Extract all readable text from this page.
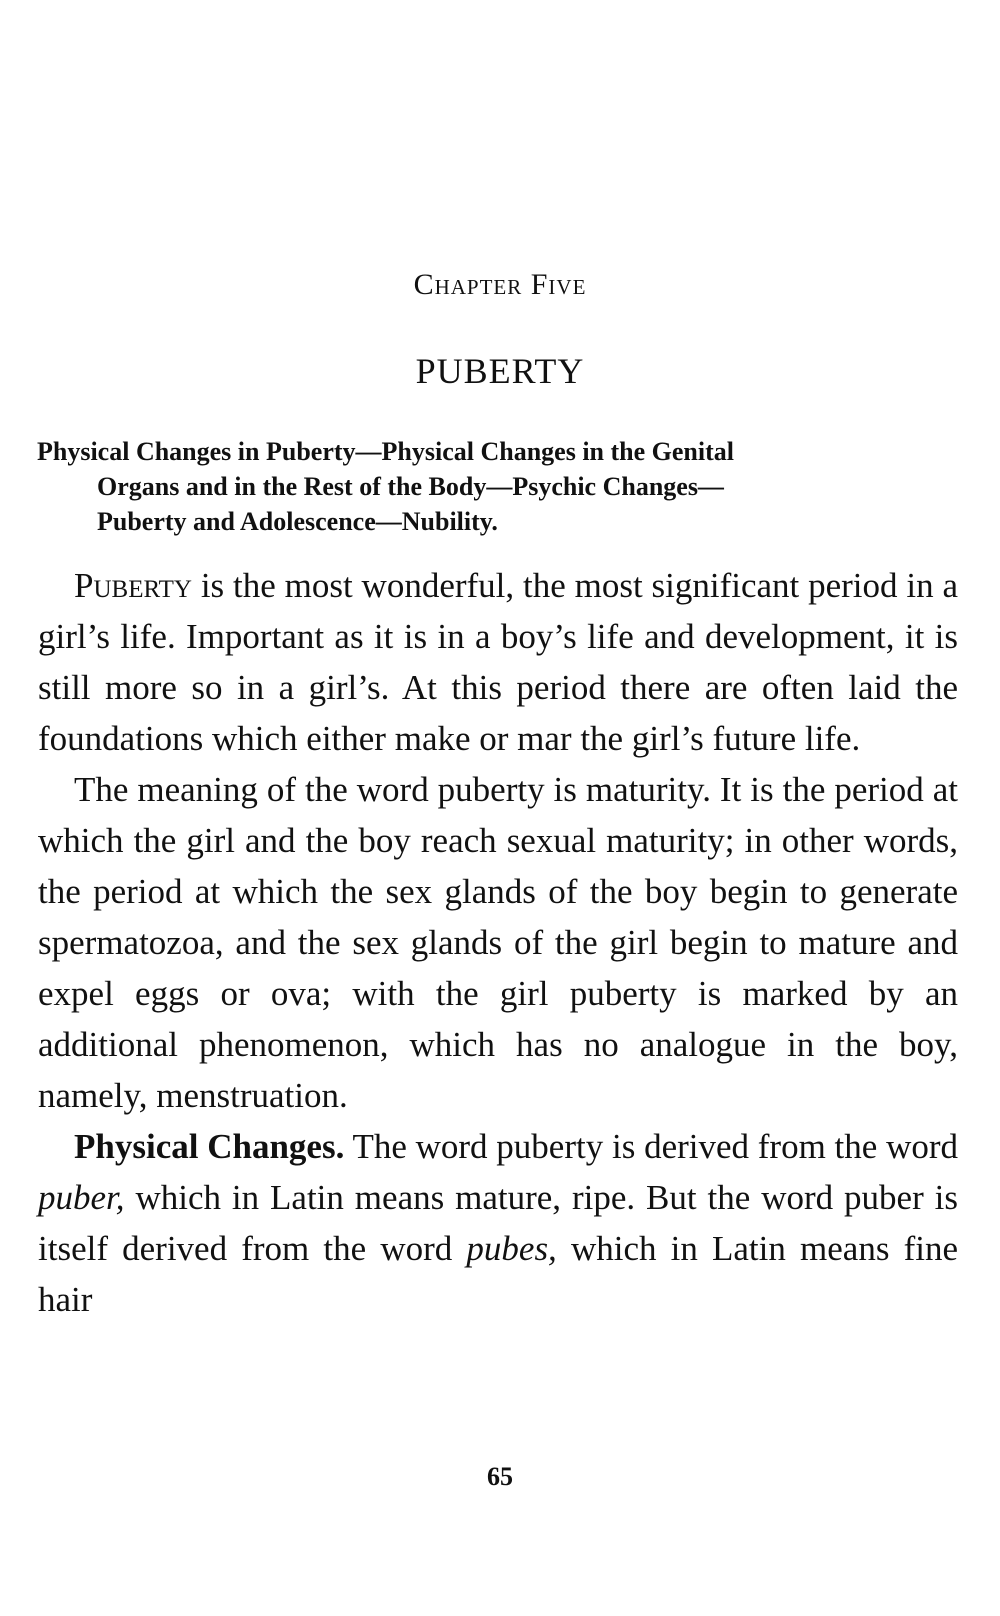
Chapter Five
PUBERTY
Physical Changes in Puberty—Physical Changes in the Genital
Organs and in the Rest of the Body—Psychic Changes—
Puberty and Adolescence—Nubility.

Puberty is the most wonderful, the most significant period in a girl’s life. Important as it is in a boy’s life and development, it is still more so in a girl’s. At this period there are often laid the foundations which either make or mar the girl’s future life.

The meaning of the word puberty is maturity. It is the period at which the girl and the boy reach sexual maturity; in other words, the period at which the sex glands of the boy begin to generate spermatozoa, and the sex glands of the girl begin to mature and expel eggs or ova; with the girl puberty is marked by an additional phenomenon, which has no analogue in the boy, namely, menstruation.

Physical Changes. The word puberty is derived from the word puber, which in Latin means mature, ripe. But the word puber is itself derived from the word pubes, which in Latin means fine hair

65
